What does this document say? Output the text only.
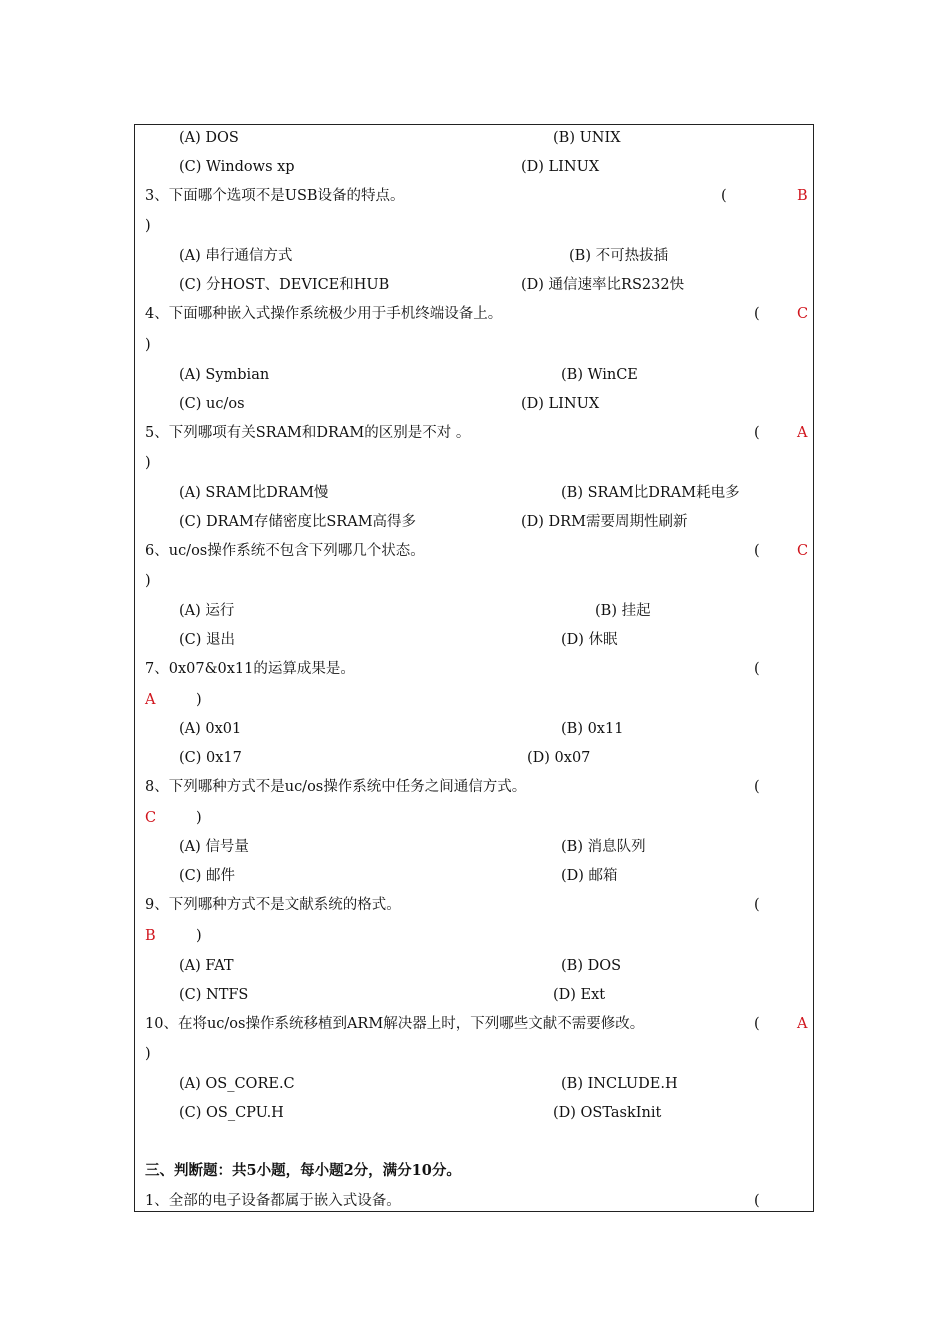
(A) DOS	(B) UNIX
(C) Windows xp	(D) LINUX
3、下面哪个选项不是USB设备的特点。	(	B
)
(A) 串行通信方式	(B) 不可热拔插
(C) 分HOST、DEVICE和HUB	(D) 通信速率比RS232快
4、下面哪种嵌入式操作系统极少用于手机终端设备上。	(	C
)
(A) Symbian	(B) WinCE
(C) uc/os	(D) LINUX
5、下列哪项有关SRAM和DRAM的区别是不对 。	(	A
)
(A) SRAM比DRAM慢	(B) SRAM比DRAM耗电多
(C) DRAM存储密度比SRAM高得多	(D) DRM需要周期性刷新
6、uc/os操作系统不包含下列哪几个状态。	(	C
)
(A) 运行	(B) 挂起
(C) 退出	(D) 休眠
7、0x07&0x11的运算成果是。	(
A	)
(A) 0x01	(B) 0x11
(C) 0x17	(D) 0x07
8、下列哪种方式不是uc/os操作系统中任务之间通信方式。	(
C	)
(A) 信号量	(B) 消息队列
(C) 邮件	(D) 邮箱
9、下列哪种方式不是文献系统的格式。	(
B	)
(A) FAT	(B) DOS
(C) NTFS	(D) Ext
10、在将uc/os操作系统移植到ARM解决器上时，下列哪些文献不需要修改。	(	A
)
(A) OS_CORE.C	(B) INCLUDE.H
(C) OS_CPU.H	(D) OSTaskInit
三、判断题：共5小题，每小题2分，满分10分。
1、全部的电子设备都属于嵌入式设备。	(
